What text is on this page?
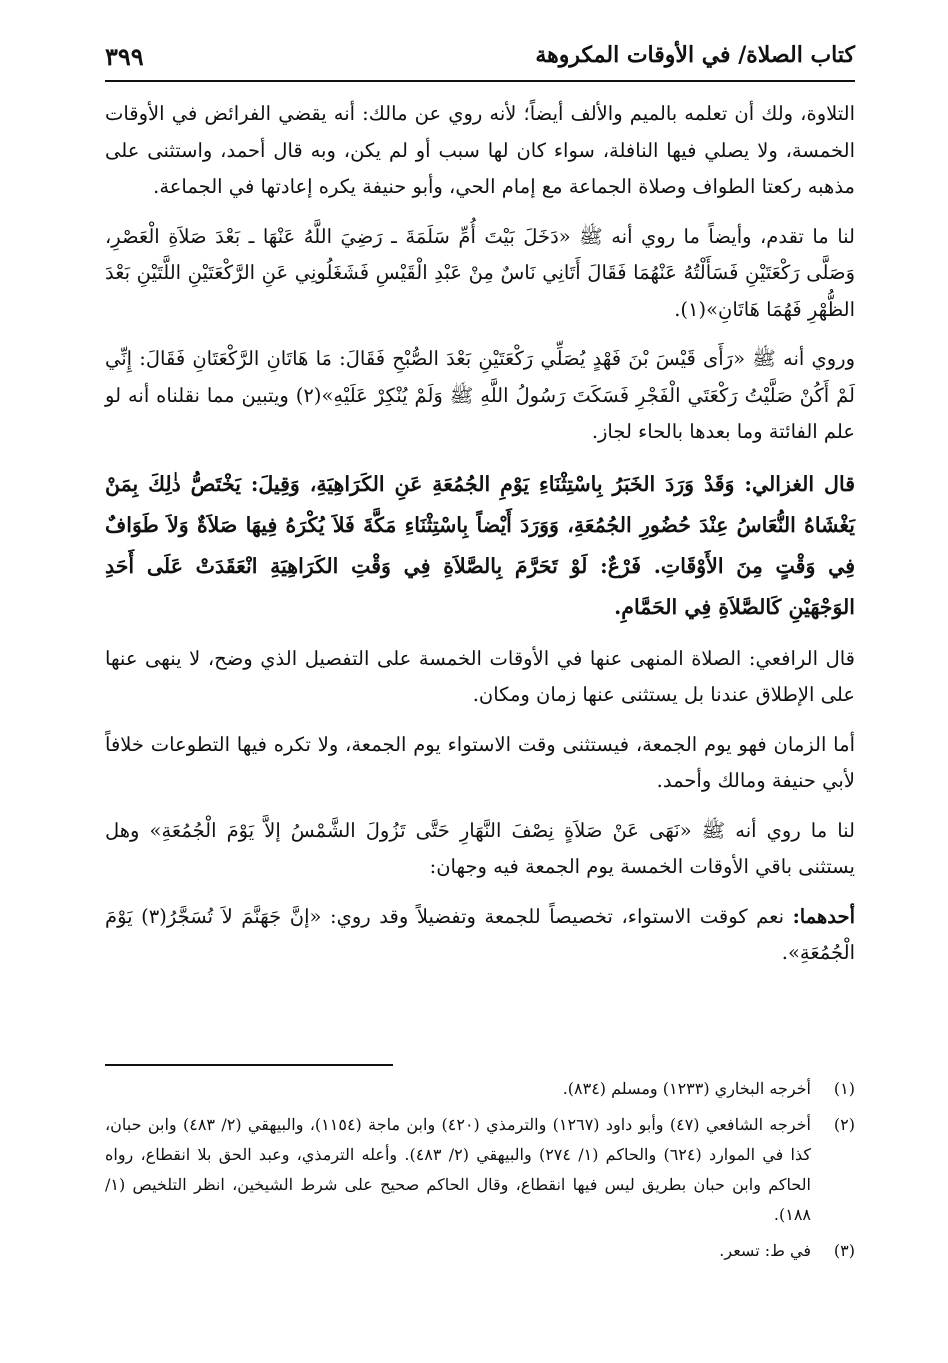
كتاب الصلاة/ في الأوقات المكروهة
٣٩٩

التلاوة، ولك أن تعلمه بالميم والألف أيضاً؛ لأنه روي عن مالك: أنه يقضي الفرائض في الأوقات الخمسة، ولا يصلي فيها النافلة، سواء كان لها سبب أو لم يكن، وبه قال أحمد، واستثنى على مذهبه ركعتا الطواف وصلاة الجماعة مع إمام الحي، وأبو حنيفة يكره إعادتها في الجماعة.

لنا ما تقدم، وأيضاً ما روي أنه ﷺ «دَخَلَ بَيْتَ أُمِّ سَلَمَةَ ـ رَضِيَ اللَّهُ عَنْهَا ـ بَعْدَ صَلاَةِ الْعَصْرِ، وَصَلَّى رَكْعَتَيْنِ فَسَأَلْتُهُ عَنْهُمَا فَقَالَ أَتَانِي نَاسٌ مِنْ عَبْدِ الْقَيْسِ فَشَغَلُونِي عَنِ الرَّكْعَتَيْنِ اللَّتَيْنِ بَعْدَ الظُّهْرِ فَهُمَا هَاتَانِ»(١).

وروي أنه ﷺ «رَأَى قَيْسَ بْنَ فَهْدٍ يُصَلِّي رَكْعَتَيْنِ بَعْدَ الصُّبْحِ فَقَالَ: مَا هَاتَانِ الرَّكْعَتَانِ فَقَالَ: إِنِّي لَمْ أَكُنْ صَلَّيْتُ رَكْعَتَي الْفَجْرِ فَسَكَتَ رَسُولُ اللَّهِ ﷺ وَلَمْ يُنْكِرْ عَلَيْهِ»(٢) ويتبين مما نقلناه أنه لو علم الفائتة وما بعدها بالحاء لجاز.

قال الغزالي: وَقَدْ وَرَدَ الخَبَرُ بِاسْتِثْنَاءِ يَوْمِ الجُمُعَةِ عَنِ الكَرَاهِيَةِ، وَقِيلَ: يَخْتَصُّ ذٰلِكَ بِمَنْ يَغْشَاهُ النُّعَاسُ عِنْدَ حُضُورِ الجُمُعَةِ، وَوَرَدَ أَيْضاً بِاسْتِثْنَاءِ مَكَّةَ فَلاَ يُكْرَهُ فِيهَا صَلاَةٌ وَلاَ طَوَافٌ فِي وَقْتٍ مِنَ الأَوْقَاتِ. فَرْعٌ: لَوْ تَحَرَّمَ بِالصَّلاَةِ فِي وَقْتِ الكَرَاهِيَةِ انْعَقَدَتْ عَلَى أَحَدِ الوَجْهَيْنِ كَالصَّلاَةِ فِي الحَمَّامِ.

قال الرافعي: الصلاة المنهى عنها في الأوقات الخمسة على التفصيل الذي وضح، لا ينهى عنها على الإطلاق عندنا بل يستثنى عنها زمان ومكان.

أما الزمان فهو يوم الجمعة، فيستثنى وقت الاستواء يوم الجمعة، ولا تكره فيها التطوعات خلافاً لأبي حنيفة ومالك وأحمد.

لنا ما روي أنه ﷺ «نَهَى عَنْ صَلاَةٍ نِصْفَ النَّهَارِ حَتَّى تَزُولَ الشَّمْسُ إلاَّ يَوْمَ الْجُمُعَةِ» وهل يستثنى باقي الأوقات الخمسة يوم الجمعة فيه وجهان:

أحدهما: نعم كوقت الاستواء، تخصيصاً للجمعة وتفضيلاً وقد روي: «إنَّ جَهَنَّمَ لاَ تُسَجَّرُ(٣) يَوْمَ الْجُمُعَةِ».

(١)
أخرجه البخاري (١٢٣٣) ومسلم (٨٣٤).
(٢)
أخرجه الشافعي (٤٧) وأبو داود (١٢٦٧) والترمذي (٤٢٠) وابن ماجة (١١٥٤)، والبيهقي (٢/ ٤٨٣) وابن حبان، كذا في الموارد (٦٢٤) والحاكم (١/ ٢٧٤) والبيهقي (٢/ ٤٨٣). وأعله الترمذي، وعبد الحق بلا انقطاع، رواه الحاكم وابن حبان بطريق ليس فيها انقطاع، وقال الحاكم صحيح على شرط الشيخين، انظر التلخيص (١/ ١٨٨).
(٣)
في ط: تسعر.
